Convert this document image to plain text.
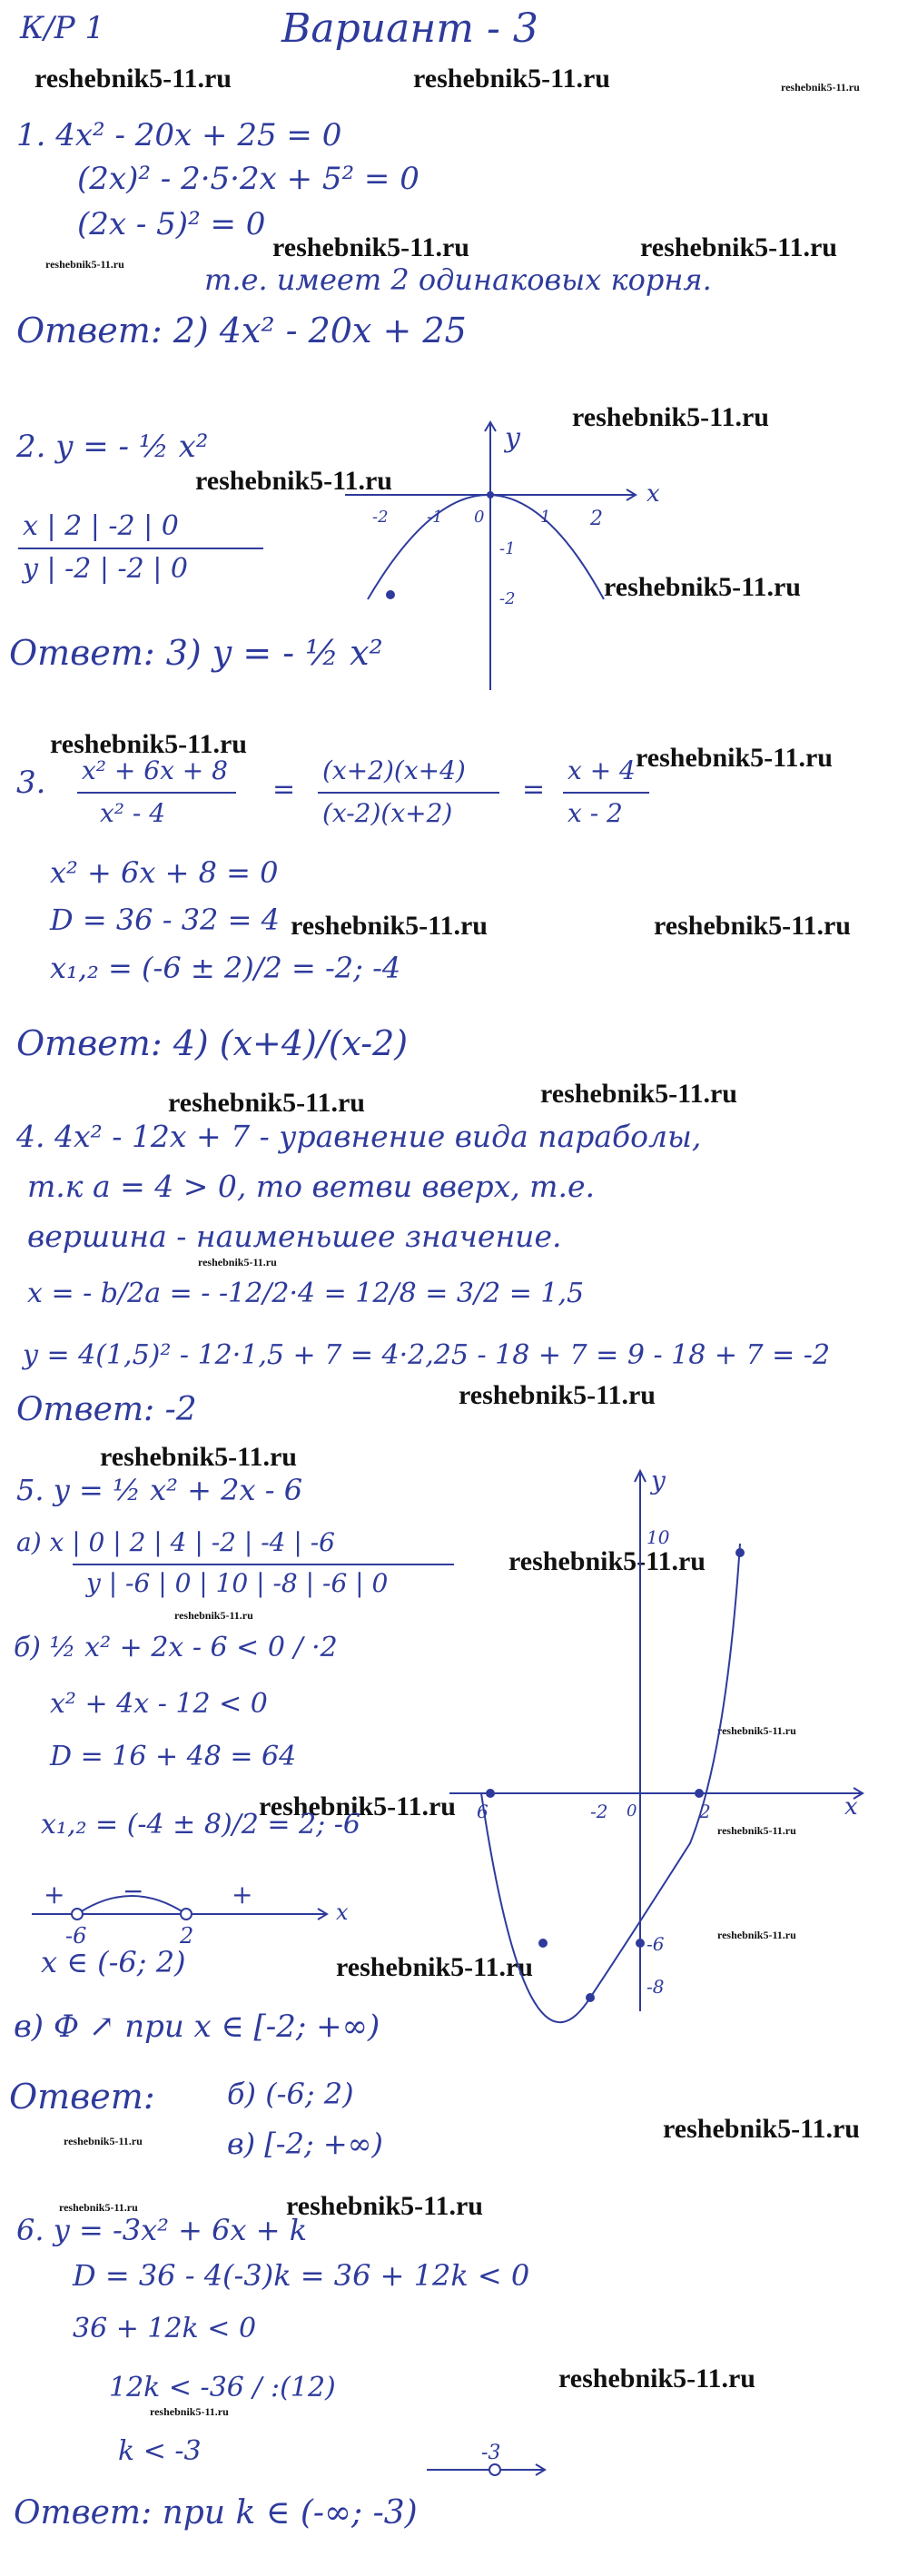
К/Р 1	Вариант - 3
reshebnik5-11.ru	reshebnik5-11.ru	reshebnik5-11.ru
reshebnik5-11.ru	reshebnik5-11.ru
reshebnik5-11.ru
reshebnik5-11.ru
reshebnik5-11.ru
reshebnik5-11.ru
reshebnik5-11.ru	reshebnik5-11.ru
reshebnik5-11.ru	reshebnik5-11.ru
reshebnik5-11.ru	reshebnik5-11.ru
reshebnik5-11.ru
reshebnik5-11.ru
reshebnik5-11.ru
reshebnik5-11.ru
reshebnik5-11.ru
reshebnik5-11.ru
reshebnik5-11.ru
reshebnik5-11.ru
reshebnik5-11.ru
reshebnik5-11.ru
reshebnik5-11.ru
reshebnik5-11.ru
reshebnik5-11.ru	reshebnik5-11.ru
reshebnik5-11.ru
reshebnik5-11.ru
1. 4x² - 20x + 25 = 0
(2x)² - 2·5·2x + 5² = 0
(2x - 5)² = 0
т.е. имеет 2 одинаковых корня.
Ответ: 2) 4x² - 20x + 25
2. y = - ½ x²
x | 2 | -2 | 0
y | -2 | -2 | 0
Ответ: 3) y = - ½ x²
x
y
-2 -1 0	1 2
-1
-2
3. x² + 6x + 8
x² - 4
=
(x+2)(x+4)
(x-2)(x+2)
=
x + 4
x - 2
x² + 6x + 8 = 0
D = 36 - 32 = 4
x₁,₂ = (-6 ± 2)/2 = -2; -4
Ответ: 4) (x+4)/(x-2)
4. 4x² - 12x + 7 - уравнение вида параболы,
т.к a = 4 > 0, то ветви вверх, т.е.
вершина - наименьшее значение.
x = - b/2a = - -12/2·4 = 12/8 = 3/2 = 1,5
y = 4(1,5)² - 12·1,5 + 7 = 4·2,25 - 18 + 7 = 9 - 18 + 7 = -2
Ответ: -2
5. y = ½ x² + 2x - 6
a) x | 0 | 2 | 4 | -2 | -4 | -6
y | -6 | 0 | 10 | -8 | -6 | 0
б) ½ x² + 2x - 6 < 0 / ·2
x² + 4x - 12 < 0
D = 16 + 48 = 64
x₁,₂ = (-4 ± 8)/2 = 2; -6
+ −	+
-6	2
x
x ∈ (-6; 2)
в) Ф ↗ при x ∈ [-2; +∞)
Ответ: б) (-6; 2)
в) [-2; +∞)
x
y
10
6	-2 0	2
-6
-8
6. y = -3x² + 6x + k
D = 36 - 4(-3)k = 36 + 12k < 0
36 + 12k < 0
12k < -36 / :(12)
k < -3	-3
Ответ: при k ∈ (-∞; -3)
